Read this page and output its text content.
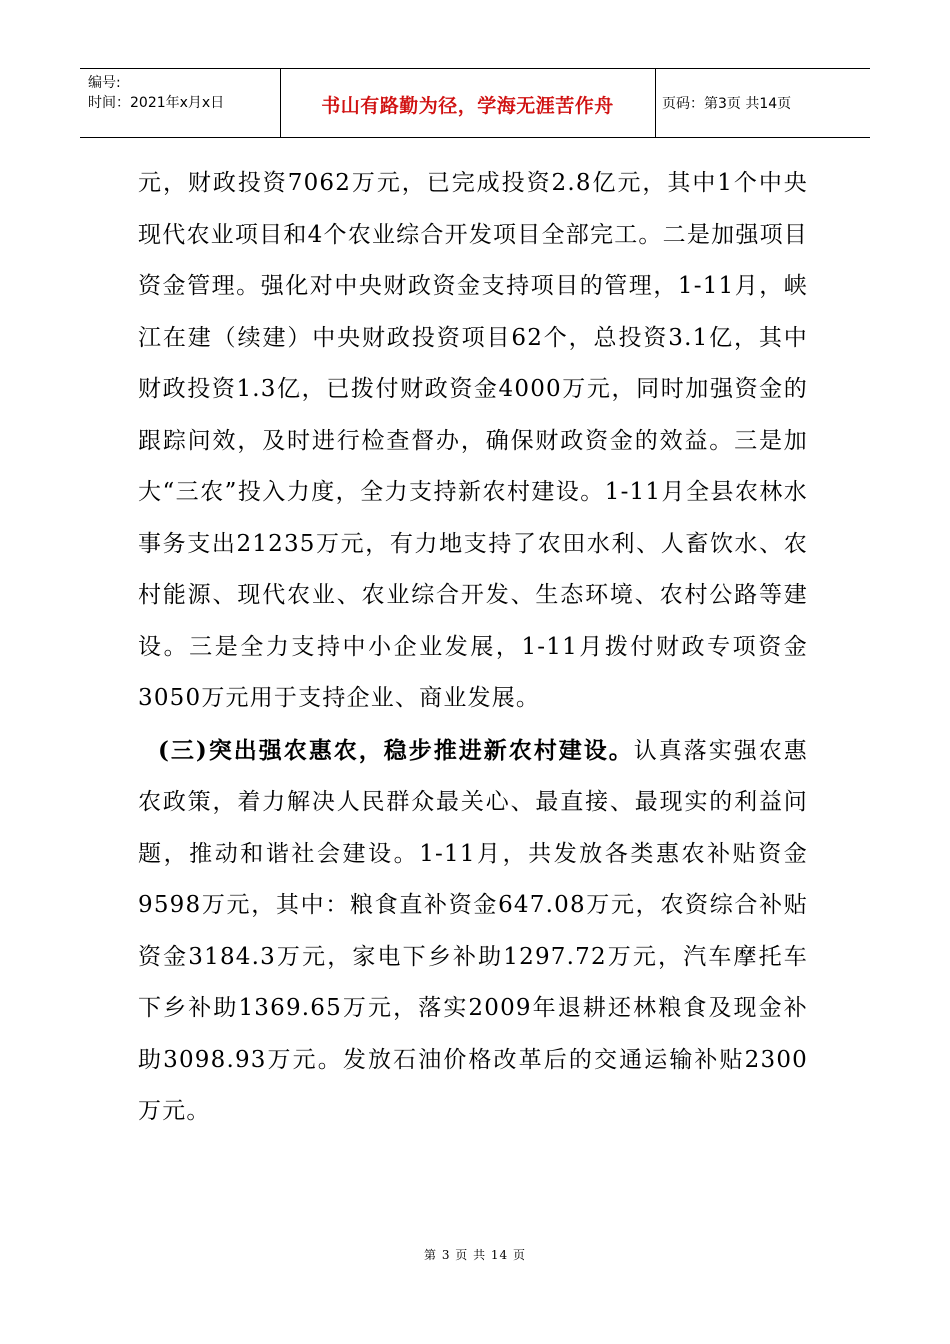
编号:
时间：2021年x月x日	书山有路勤为径，学海无涯苦作舟	页码：第3页 共14页

元，财政投资7062万元，已完成投资2.8亿元，其中1个中央现代农业项目和4个农业综合开发项目全部完工。二是加强项目资金管理。强化对中央财政资金支持项目的管理，1-11月，峡江在建（续建）中央财政投资项目62个，总投资3.1亿，其中财政投资1.3亿，已拨付财政资金4000万元，同时加强资金的跟踪问效，及时进行检查督办，确保财政资金的效益。三是加大“三农”投入力度，全力支持新农村建设。1-11月全县农林水事务支出21235万元，有力地支持了农田水利、人畜饮水、农村能源、现代农业、农业综合开发、生态环境、农村公路等建设。三是全力支持中小企业发展，1-11月拨付财政专项资金3050万元用于支持企业、商业发展。

(三)突出强农惠农，稳步推进新农村建设。认真落实强农惠农政策，着力解决人民群众最关心、最直接、最现实的利益问题，推动和谐社会建设。1-11月，共发放各类惠农补贴资金9598万元，其中：粮食直补资金647.08万元，农资综合补贴资金3184.3万元，家电下乡补助1297.72万元，汽车摩托车下乡补助1369.65万元，落实2009年退耕还林粮食及现金补助3098.93万元。发放石油价格改革后的交通运输补贴2300万元。

第 3 页 共 14 页
